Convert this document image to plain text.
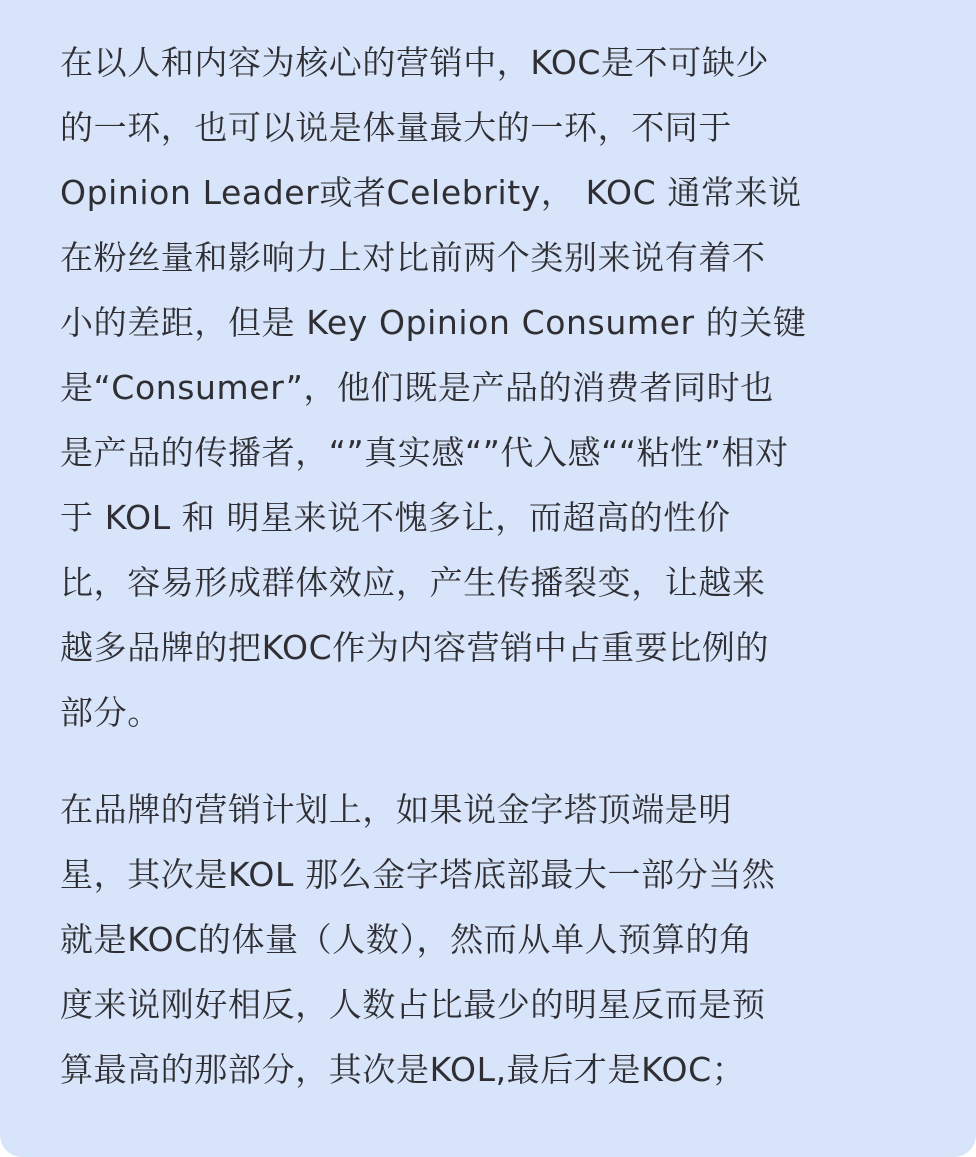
在以人和内容为核心的营销中，KOC是不可缺少
的一环，也可以说是体量最大的一环，不同于
Opinion Leader或者Celebrity， KOC 通常来说
在粉丝量和影响力上对比前两个类别来说有着不
小的差距，但是 Key Opinion Consumer 的关键
是“Consumer”，他们既是产品的消费者同时也
是产品的传播者，“”真实感“”代入感““粘性”相对
于 KOL 和 明星来说不愧多让，而超高的性价
比，容易形成群体效应，产生传播裂变，让越来
越多品牌的把KOC作为内容营销中占重要比例的
部分。

在品牌的营销计划上，如果说金字塔顶端是明
星，其次是KOL 那么金字塔底部最大一部分当然
就是KOC的体量（人数），然而从单人预算的角
度来说刚好相反，人数占比最少的明星反而是预
算最高的那部分，其次是KOL,最后才是KOC；
